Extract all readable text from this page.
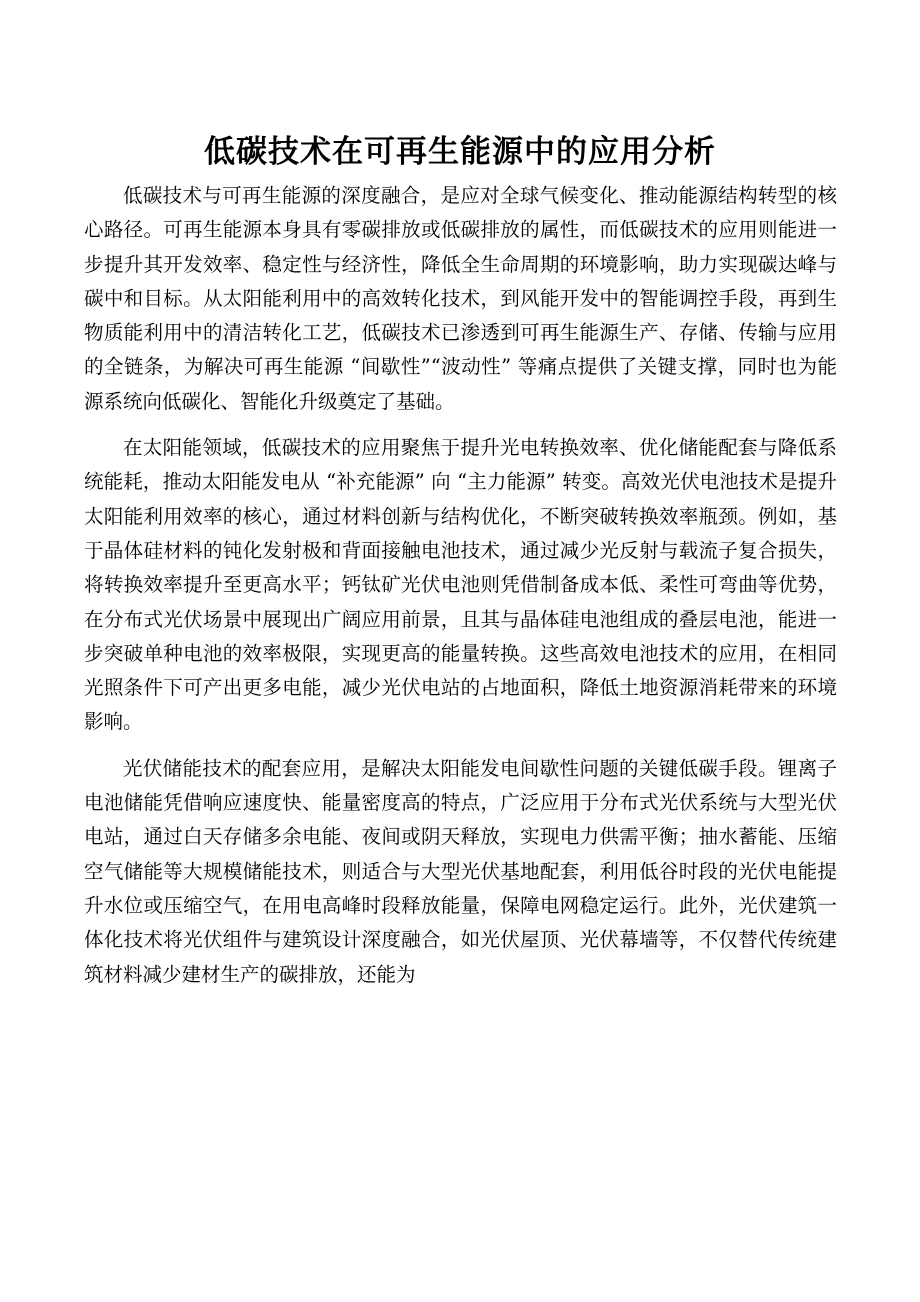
低碳技术在可再生能源中的应用分析

低碳技术与可再生能源的深度融合，是应对全球气候变化、推动能源结构转型的核心路径。可再生能源本身具有零碳排放或低碳排放的属性，而低碳技术的应用则能进一步提升其开发效率、稳定性与经济性，降低全生命周期的环境影响，助力实现碳达峰与碳中和目标。从太阳能利用中的高效转化技术，到风能开发中的智能调控手段，再到生物质能利用中的清洁转化工艺，低碳技术已渗透到可再生能源生产、存储、传输与应用的全链条，为解决可再生能源 “间歇性”“波动性” 等痛点提供了关键支撑，同时也为能源系统向低碳化、智能化升级奠定了基础。

在太阳能领域，低碳技术的应用聚焦于提升光电转换效率、优化储能配套与降低系统能耗，推动太阳能发电从 “补充能源” 向 “主力能源” 转变。高效光伏电池技术是提升太阳能利用效率的核心，通过材料创新与结构优化，不断突破转换效率瓶颈。例如，基于晶体硅材料的钝化发射极和背面接触电池技术，通过减少光反射与载流子复合损失，将转换效率提升至更高水平；钙钛矿光伏电池则凭借制备成本低、柔性可弯曲等优势，在分布式光伏场景中展现出广阔应用前景，且其与晶体硅电池组成的叠层电池，能进一步突破单种电池的效率极限，实现更高的能量转换。这些高效电池技术的应用，在相同光照条件下可产出更多电能，减少光伏电站的占地面积，降低土地资源消耗带来的环境影响。

光伏储能技术的配套应用，是解决太阳能发电间歇性问题的关键低碳手段。锂离子电池储能凭借响应速度快、能量密度高的特点，广泛应用于分布式光伏系统与大型光伏电站，通过白天存储多余电能、夜间或阴天释放，实现电力供需平衡；抽水蓄能、压缩空气储能等大规模储能技术，则适合与大型光伏基地配套，利用低谷时段的光伏电能提升水位或压缩空气，在用电高峰时段释放能量，保障电网稳定运行。此外，光伏建筑一体化技术将光伏组件与建筑设计深度融合，如光伏屋顶、光伏幕墙等，不仅替代传统建筑材料减少建材生产的碳排放，还能为
